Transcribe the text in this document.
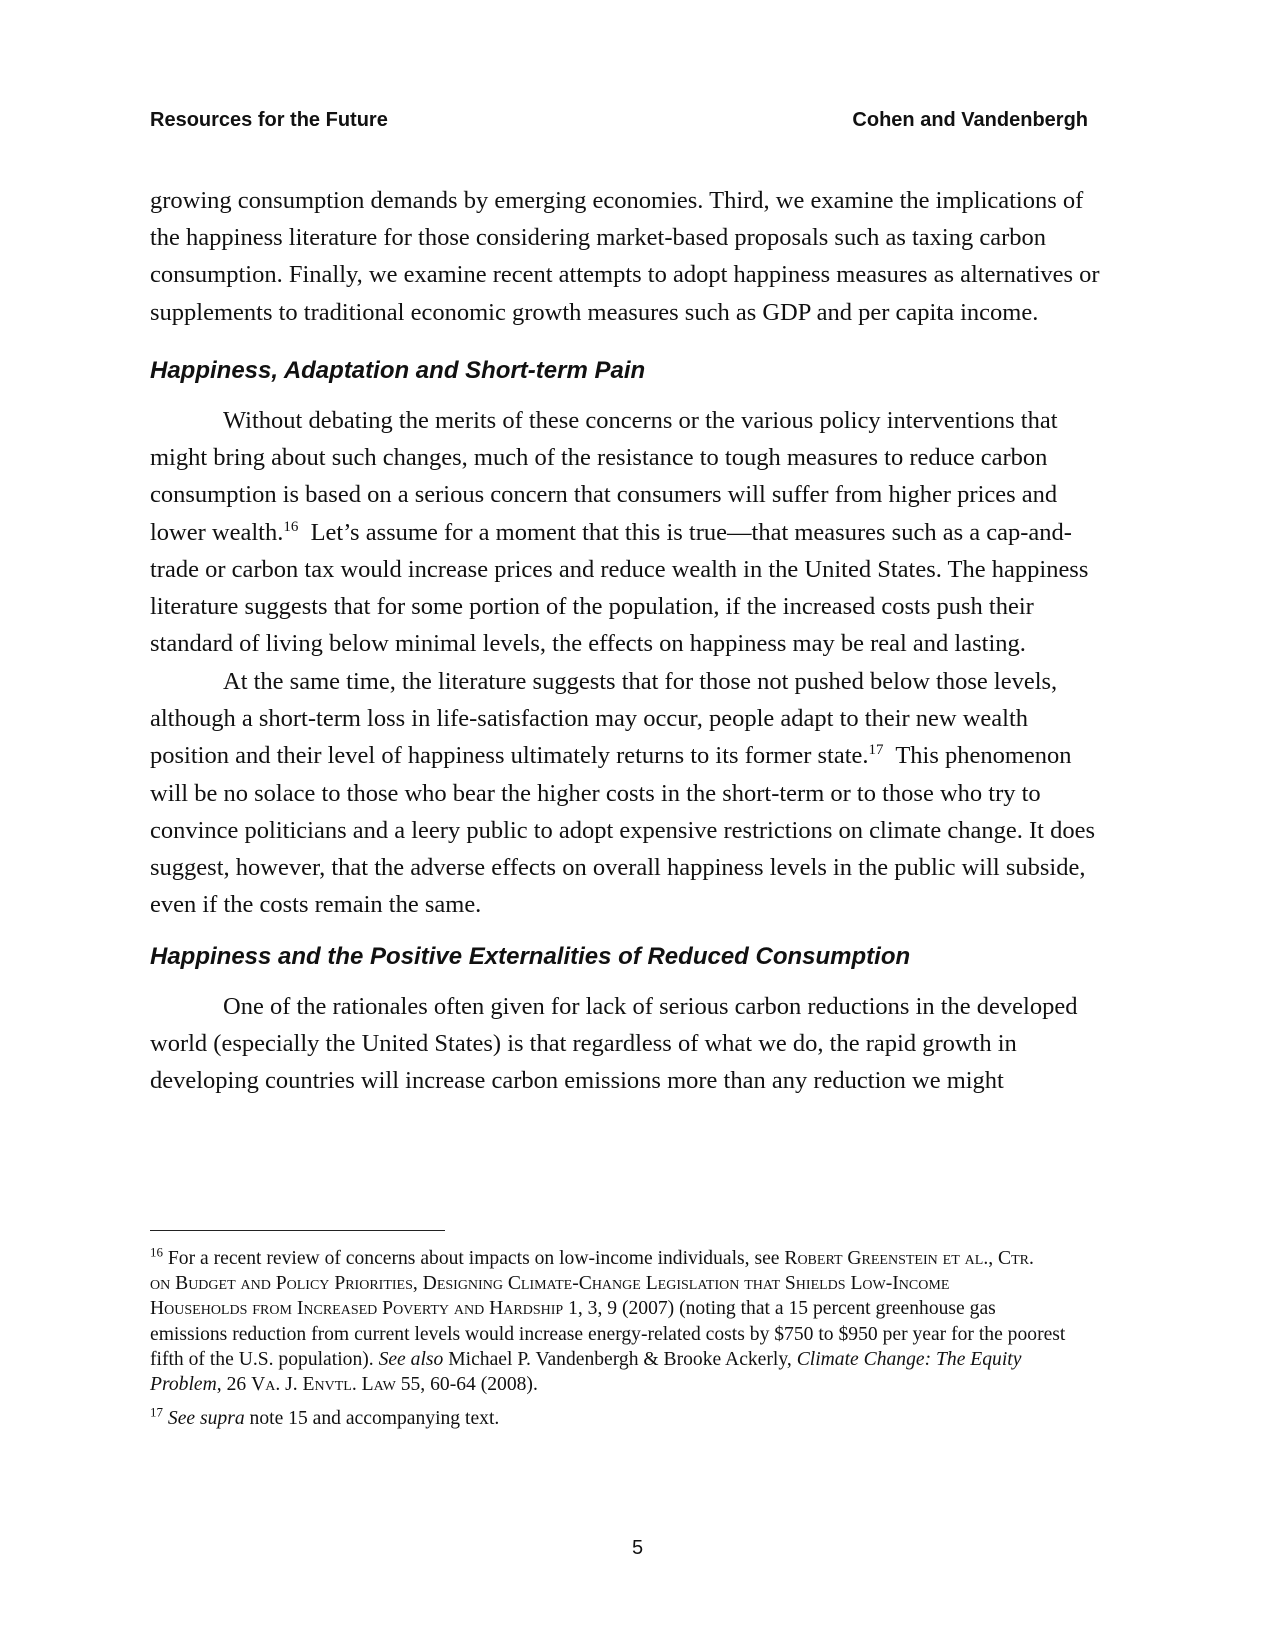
Resources for the Future	Cohen and Vandenbergh

growing consumption demands by emerging economies. Third, we examine the implications of
the happiness literature for those considering market-based proposals such as taxing carbon
consumption. Finally, we examine recent attempts to adopt happiness measures as alternatives or
supplements to traditional economic growth measures such as GDP and per capita income.

Happiness, Adaptation and Short-term Pain

Without debating the merits of these concerns or the various policy interventions that
might bring about such changes, much of the resistance to tough measures to reduce carbon
consumption is based on a serious concern that consumers will suffer from higher prices and
lower wealth.$^{16}$  Let’s assume for a moment that this is true—that measures such as a cap-and-
trade or carbon tax would increase prices and reduce wealth in the United States. The happiness
literature suggests that for some portion of the population, if the increased costs push their
standard of living below minimal levels, the effects on happiness may be real and lasting.

At the same time, the literature suggests that for those not pushed below those levels,
although a short-term loss in life-satisfaction may occur, people adapt to their new wealth
position and their level of happiness ultimately returns to its former state.$^{17}$  This phenomenon
will be no solace to those who bear the higher costs in the short-term or to those who try to
convince politicians and a leery public to adopt expensive restrictions on climate change. It does
suggest, however, that the adverse effects on overall happiness levels in the public will subside,
even if the costs remain the same.

Happiness and the Positive Externalities of Reduced Consumption

One of the rationales often given for lack of serious carbon reductions in the developed
world (especially the United States) is that regardless of what we do, the rapid growth in
developing countries will increase carbon emissions more than any reduction we might

$^{16}$ For a recent review of concerns about impacts on low-income individuals, see Robert Greenstein et al., Ctr.
on Budget and Policy Priorities, Designing Climate-Change Legislation that Shields Low-Income
Households from Increased Poverty and Hardship 1, 3, 9 (2007) (noting that a 15 percent greenhouse gas
emissions reduction from current levels would increase energy-related costs by $750 to $950 per year for the poorest
fifth of the U.S. population). See also Michael P. Vandenbergh & Brooke Ackerly, Climate Change: The Equity
Problem, 26 Va. J. Envtl. Law 55, 60-64 (2008).

$^{17}$ See supra note 15 and accompanying text.

5
